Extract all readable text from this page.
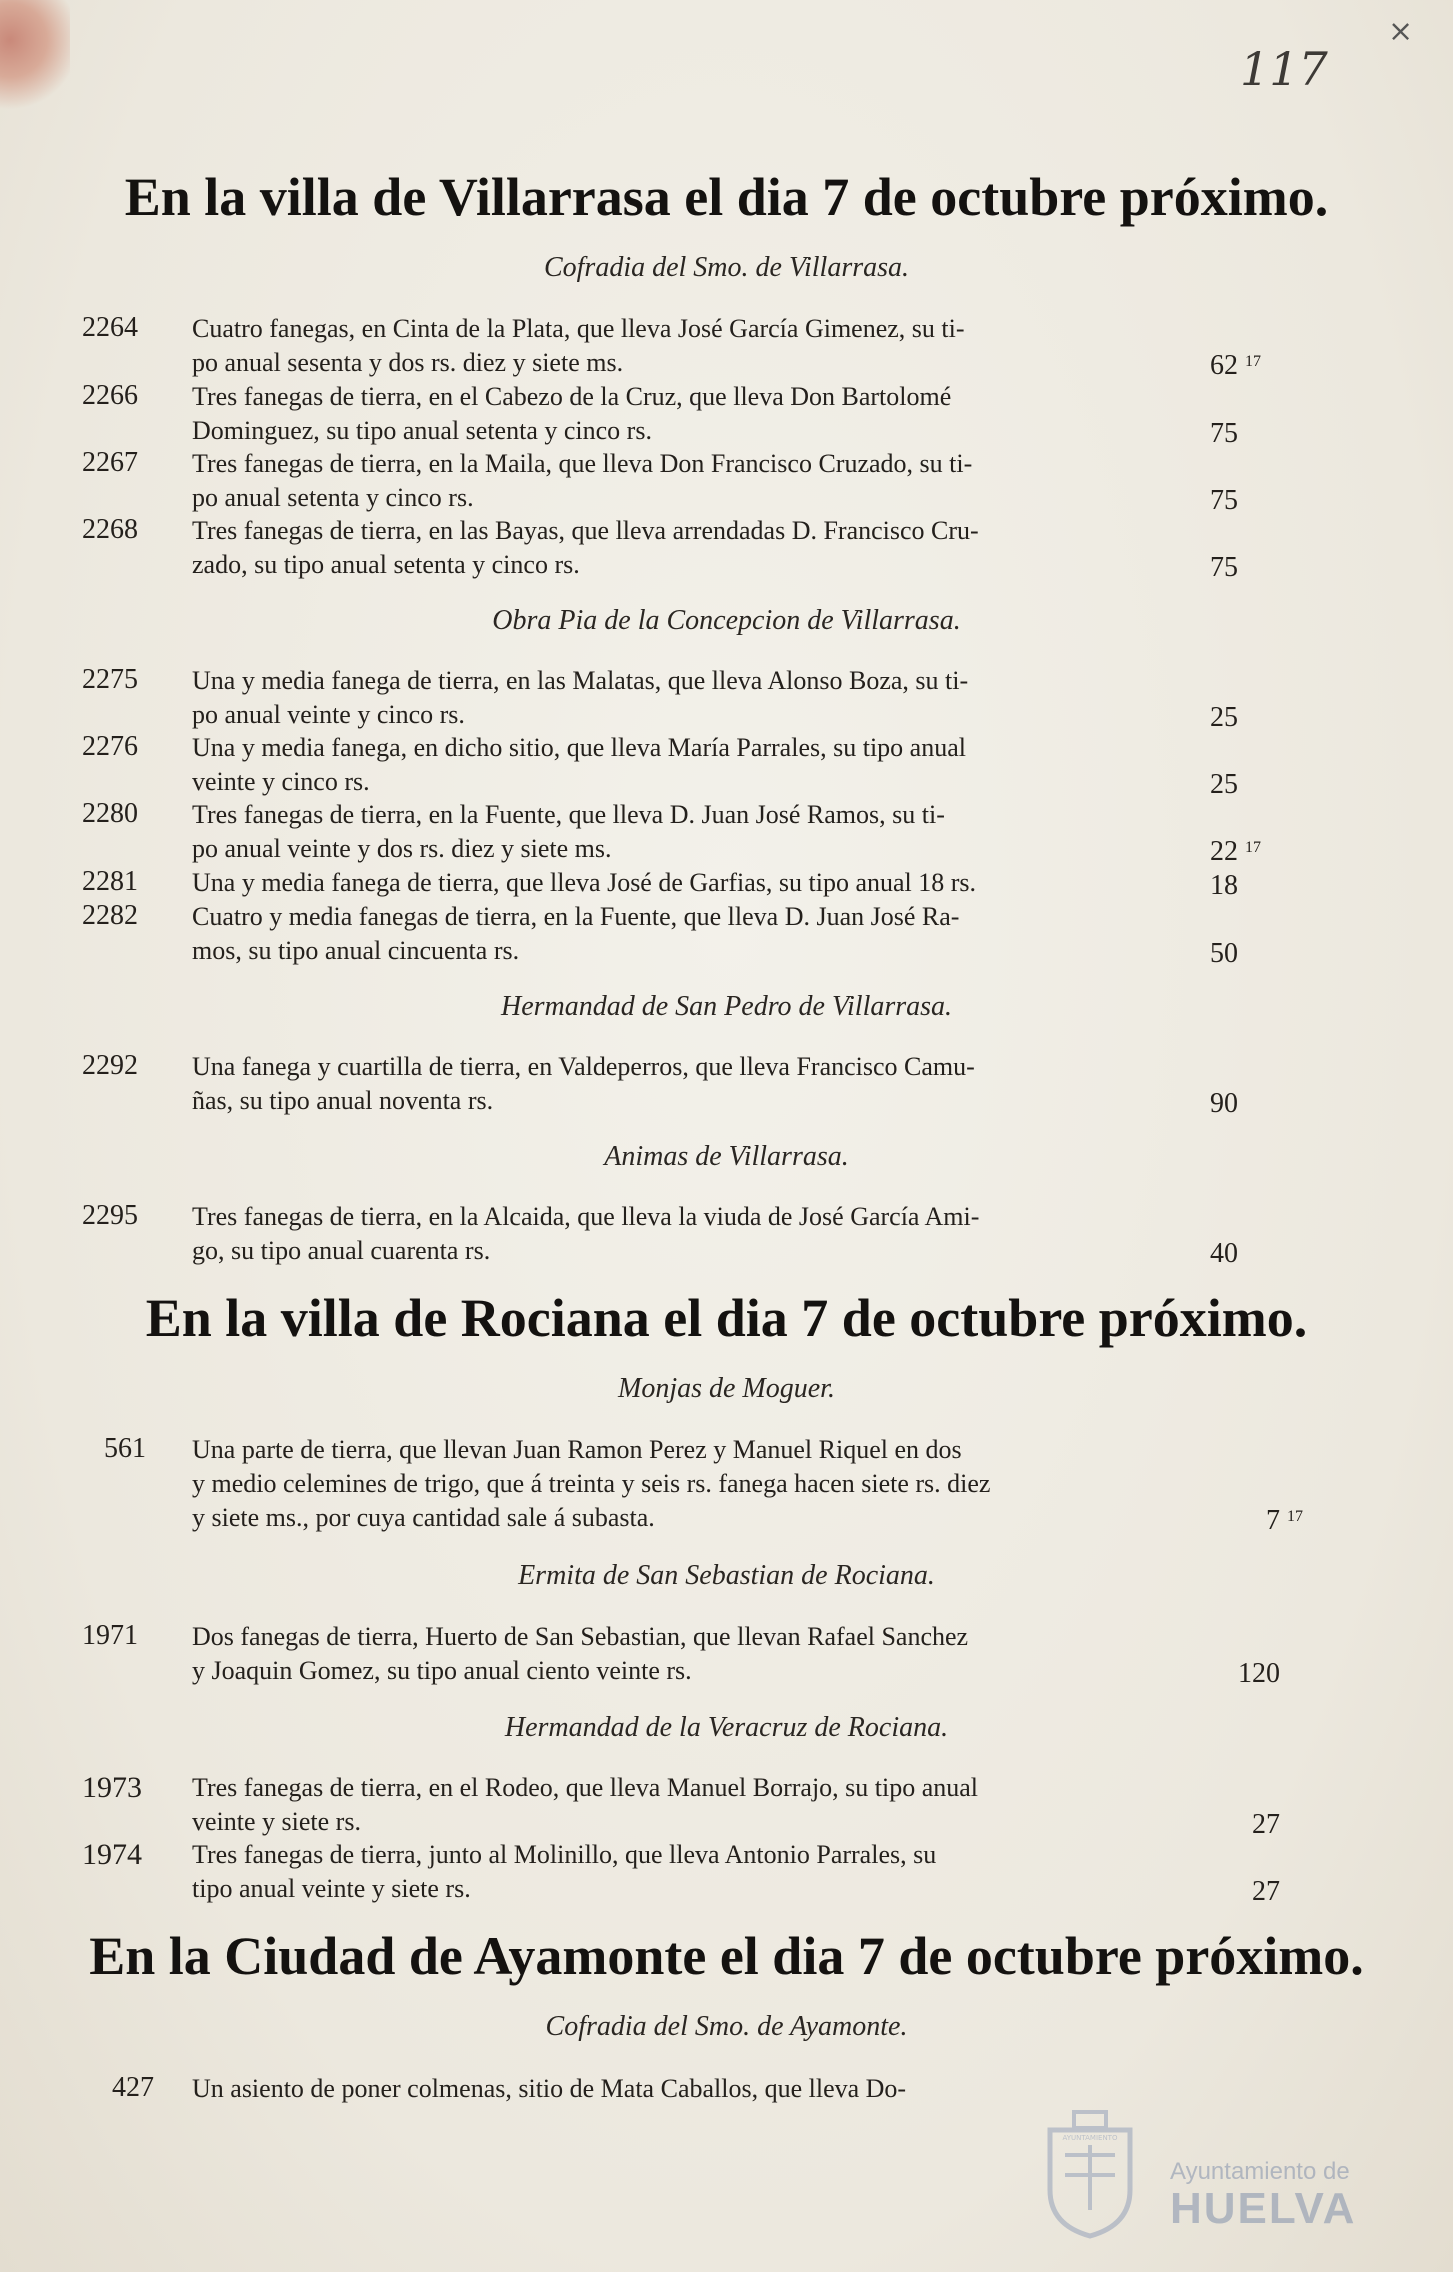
117
×
En la villa de Villarrasa el dia 7 de octubre próximo.
Cofradia del Smo. de Villarrasa.
2264	Cuatro fanegas, en Cinta de la Plata, que lleva José García Gimenez, su ti-
po anual sesenta y dos rs. diez y siete ms.	62 $^{17}$
2266	Tres fanegas de tierra, en el Cabezo de la Cruz, que lleva Don Bartolomé
Dominguez, su tipo anual setenta y cinco rs.	75
2267	Tres fanegas de tierra, en la Maila, que lleva Don Francisco Cruzado, su ti-
po anual setenta y cinco rs.	75
2268	Tres fanegas de tierra, en las Bayas, que lleva arrendadas D. Francisco Cru-
zado, su tipo anual setenta y cinco rs.	75
Obra Pia de la Concepcion de Villarrasa.
2275	Una y media fanega de tierra, en las Malatas, que lleva Alonso Boza, su ti-
po anual veinte y cinco rs.	25
2276	Una y media fanega, en dicho sitio, que lleva María Parrales, su tipo anual
veinte y cinco rs.	25
2280	Tres fanegas de tierra, en la Fuente, que lleva D. Juan José Ramos, su ti-
po anual veinte y dos rs. diez y siete ms.	22 $^{17}$
2281	Una y media fanega de tierra, que lleva José de Garfias, su tipo anual 18 rs.	18
2282	Cuatro y media fanegas de tierra, en la Fuente, que lleva D. Juan José Ra-
mos, su tipo anual cincuenta rs.	50
Hermandad de San Pedro de Villarrasa.
2292	Una fanega y cuartilla de tierra, en Valdeperros, que lleva Francisco Camu-
ñas, su tipo anual noventa rs.	90
Animas de Villarrasa.
2295	Tres fanegas de tierra, en la Alcaida, que lleva la viuda de José García Ami-
go, su tipo anual cuarenta rs.	40
En la villa de Rociana el dia 7 de octubre próximo.
Monjas de Moguer.
561	Una parte de tierra, que llevan Juan Ramon Perez y Manuel Riquel en dos
y medio celemines de trigo, que á treinta y seis rs. fanega hacen siete rs. diez
y siete ms., por cuya cantidad sale á subasta.	7 $^{17}$
Ermita de San Sebastian de Rociana.
1971	Dos fanegas de tierra, Huerto de San Sebastian, que llevan Rafael Sanchez
y Joaquin Gomez, su tipo anual ciento veinte rs.	120
Hermandad de la Veracruz de Rociana.
1973	Tres fanegas de tierra, en el Rodeo, que lleva Manuel Borrajo, su tipo anual
veinte y siete rs.	27
1974	Tres fanegas de tierra, junto al Molinillo, que lleva Antonio Parrales, su
tipo anual veinte y siete rs.	27
En la Ciudad de Ayamonte el dia 7 de octubre próximo.
Cofradia del Smo. de Ayamonte.
427	Un asiento de poner colmenas, sitio de Mata Caballos, que lleva Do-
AYUNTAMIENTO
Ayuntamiento de
HUELVA
